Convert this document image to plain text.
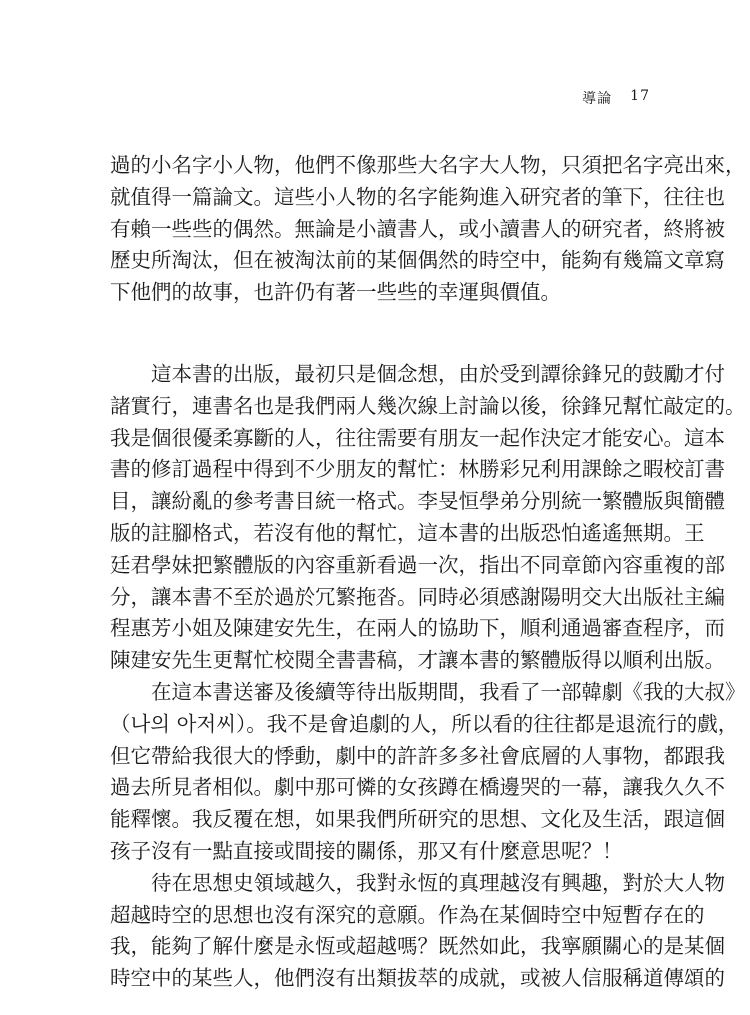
導論 17

過的小名字小人物，他們不像那些大名字大人物，只須把名字亮出來，
就值得一篇論文。這些小人物的名字能夠進入研究者的筆下，往往也
有賴一些些的偶然。無論是小讀書人，或小讀書人的研究者，終將被
歷史所淘汰，但在被淘汰前的某個偶然的時空中，能夠有幾篇文章寫
下他們的故事，也許仍有著一些些的幸運與價值。

　　這本書的出版，最初只是個念想，由於受到譚徐鋒兄的鼓勵才付
諸實行，連書名也是我們兩人幾次線上討論以後，徐鋒兄幫忙敲定的。
我是個很優柔寡斷的人，往往需要有朋友一起作決定才能安心。這本
書的修訂過程中得到不少朋友的幫忙：林勝彩兄利用課餘之暇校訂書
目，讓紛亂的參考書目統一格式。李旻恒學弟分別統一繁體版與簡體
版的註腳格式，若沒有他的幫忙，這本書的出版恐怕遙遙無期。王
廷君學妹把繁體版的內容重新看過一次，指出不同章節內容重複的部
分，讓本書不至於過於冗繁拖沓。同時必須感謝陽明交大出版社主編
程惠芳小姐及陳建安先生，在兩人的協助下，順利通過審查程序，而
陳建安先生更幫忙校閱全書書稿，才讓本書的繁體版得以順利出版。

　　在這本書送審及後續等待出版期間，我看了一部韓劇《我的大叔》
（나의 아저씨）。我不是會追劇的人，所以看的往往都是退流行的戲，
但它帶給我很大的悸動，劇中的許許多多社會底層的人事物，都跟我
過去所見者相似。劇中那可憐的女孩蹲在橋邊哭的一幕，讓我久久不
能釋懷。我反覆在想，如果我們所研究的思想、文化及生活，跟這個
孩子沒有一點直接或間接的關係，那又有什麼意思呢？！

　　待在思想史領域越久，我對永恆的真理越沒有興趣，對於大人物
超越時空的思想也沒有深究的意願。作為在某個時空中短暫存在的
我，能夠了解什麼是永恆或超越嗎？既然如此，我寧願關心的是某個
時空中的某些人，他們沒有出類拔萃的成就，或被人信服稱道傳頌的
